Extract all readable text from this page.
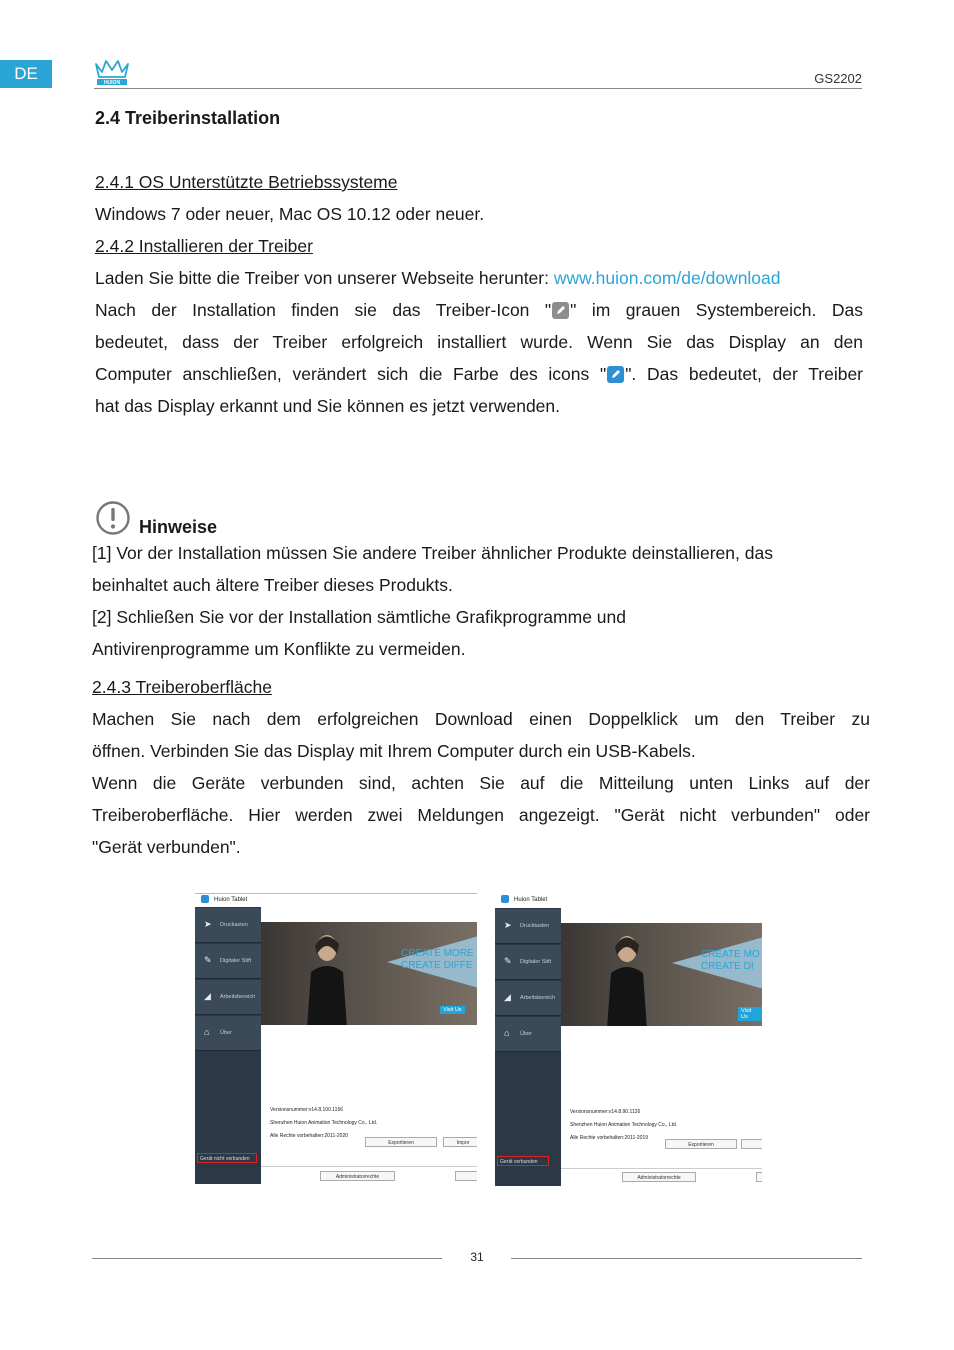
DE	HUION	GS2202
2.4 Treiberinstallation
2.4.1 OS Unterstützte Betriebssysteme
Windows 7 oder neuer, Mac OS 10.12 oder neuer.
2.4.2 Installieren der Treiber
Laden Sie bitte die Treiber von unserer Webseite herunter: www.huion.com/de/download
Nach der Installation finden sie das Treiber-Icon " " im grauen Systembereich. Das
bedeutet, dass der Treiber erfolgreich installiert wurde. Wenn Sie das Display an den
Computer anschließen, verändert sich die Farbe des icons " ". Das bedeutet, der Treiber
hat das Display erkannt und Sie können es jetzt verwenden.
Hinweise
[1] Vor der Installation müssen Sie andere Treiber ähnlicher Produkte deinstallieren, das
beinhaltet auch ältere Treiber dieses Produkts.
[2] Schließen Sie vor der Installation sämtliche Grafikprogramme und
Antivirenprogramme um Konflikte zu vermeiden.
2.4.3 Treiberoberfläche
Machen Sie nach dem erfolgreichen Download einen Doppelklick um den Treiber zu
öffnen. Verbinden Sie das Display mit Ihrem Computer durch ein USB-Kabels.
Wenn die Geräte verbunden sind, achten Sie auf die Mitteilung unten Links auf der
Treiberoberfläche. Hier werden zwei Meldungen angezeigt. "Gerät nicht verbunden" oder
"Gerät verbunden".
Huion Tablet
➤ Druckasten
✎ Digitaler Stift
◢ Arbeitsbereich
⌂ Über
Gerät nicht verbunden
CREATE MORE
CREATE DIFFE
Visit Us
Versionsnummer:v14.8.100.1156
Shenzhen Huion Animation Technology Co., Ltd.
Alle Rechte vorbehalten:2011-2020
Exportieren	Impor
Administratorrechte
Huion Tablet
➤ Drucktasten
✎ Digitaler Stift
◢ Arbeitsbereich
⌂ Über
Gerät verbunden
CREATE MO
CREATE DI
Visit Us
Versionsnummer:v14.8.90.1126
Shenzhen Huion Animation Technology Co., Ltd.
Alle Rechte vorbehalten:2011-2019
Exportieren
Administratorrechte
31
